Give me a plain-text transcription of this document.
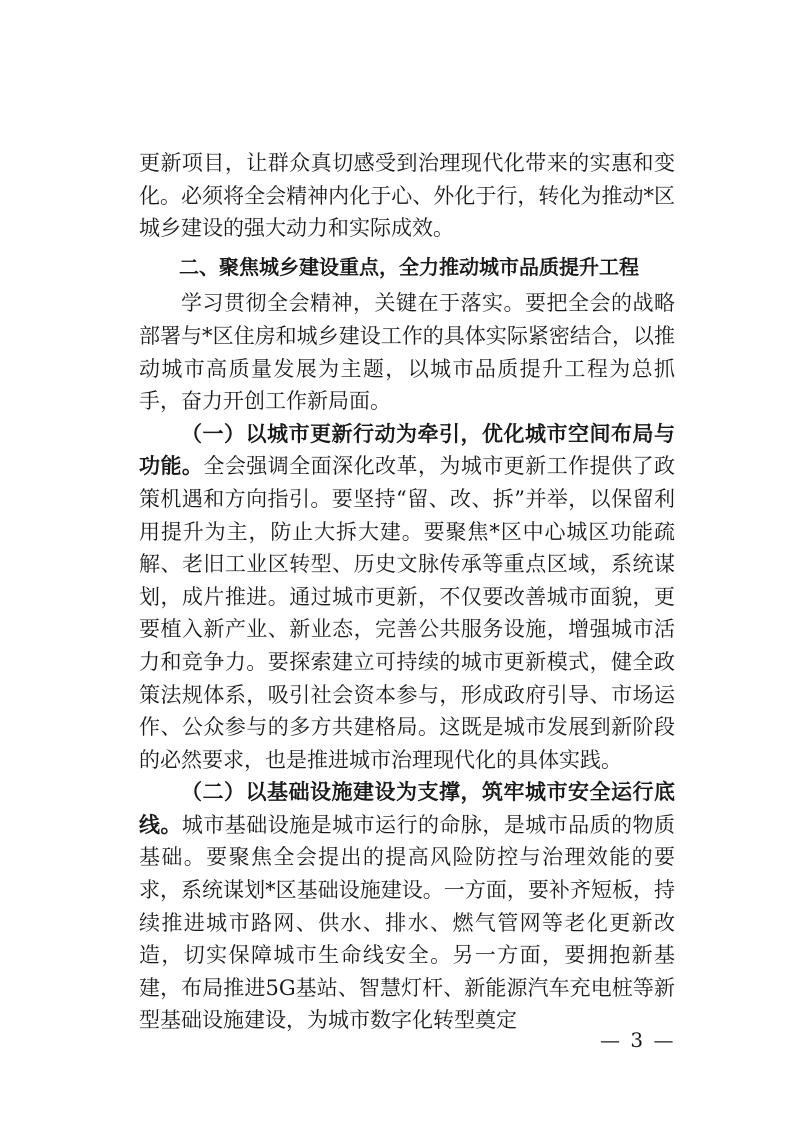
更新项目，让群众真切感受到治理现代化带来的实惠和变化。必须将全会精神内化于心、外化于行，转化为推动*区城乡建设的强大动力和实际成效。

二、聚焦城乡建设重点，全力推动城市品质提升工程

学习贯彻全会精神，关键在于落实。要把全会的战略部署与*区住房和城乡建设工作的具体实际紧密结合，以推动城市高质量发展为主题，以城市品质提升工程为总抓手，奋力开创工作新局面。

（一）以城市更新行动为牵引，优化城市空间布局与功能。全会强调全面深化改革，为城市更新工作提供了政策机遇和方向指引。要坚持“留、改、拆”并举，以保留利用提升为主，防止大拆大建。要聚焦*区中心城区功能疏解、老旧工业区转型、历史文脉传承等重点区域，系统谋划，成片推进。通过城市更新，不仅要改善城市面貌，更要植入新产业、新业态，完善公共服务设施，增强城市活力和竞争力。要探索建立可持续的城市更新模式，健全政策法规体系，吸引社会资本参与，形成政府引导、市场运作、公众参与的多方共建格局。这既是城市发展到新阶段的必然要求，也是推进城市治理现代化的具体实践。

（二）以基础设施建设为支撑，筑牢城市安全运行底线。城市基础设施是城市运行的命脉，是城市品质的物质基础。要聚焦全会提出的提高风险防控与治理效能的要求，系统谋划*区基础设施建设。一方面，要补齐短板，持续推进城市路网、供水、排水、燃气管网等老化更新改造，切实保障城市生命线安全。另一方面，要拥抱新基建，布局推进5G基站、智慧灯杆、新能源汽车充电桩等新型基础设施建设，为城市数字化转型奠定

— 3 —
